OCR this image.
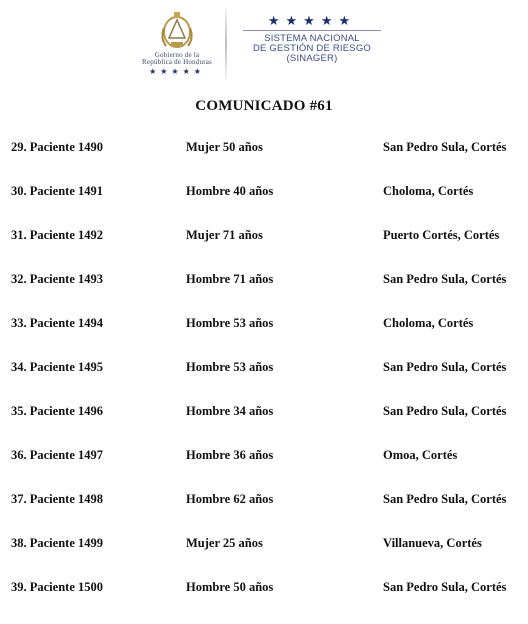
Gobierno de la
República de Honduras
★★★★★
★★★★★
SISTEMA NACIONAL
DE GESTIÓN DE RIESGO
(SINAGER)
COMUNICADO #61
29. Paciente 1490	Mujer 50 años	San Pedro Sula, Cortés
30. Paciente 1491	Hombre 40 años	Choloma, Cortés
31. Paciente 1492	Mujer 71 años	Puerto Cortés, Cortés
32. Paciente 1493	Hombre 71 años	San Pedro Sula, Cortés
33. Paciente 1494	Hombre 53 años	Choloma, Cortés
34. Paciente 1495	Hombre 53 años	San Pedro Sula, Cortés
35. Paciente 1496	Hombre 34 años	San Pedro Sula, Cortés
36. Paciente 1497	Hombre 36 años	Omoa, Cortés
37. Paciente 1498	Hombre 62 años	San Pedro Sula, Cortés
38. Paciente 1499	Mujer 25 años	Villanueva, Cortés
39. Paciente 1500	Hombre 50 años	San Pedro Sula, Cortés
